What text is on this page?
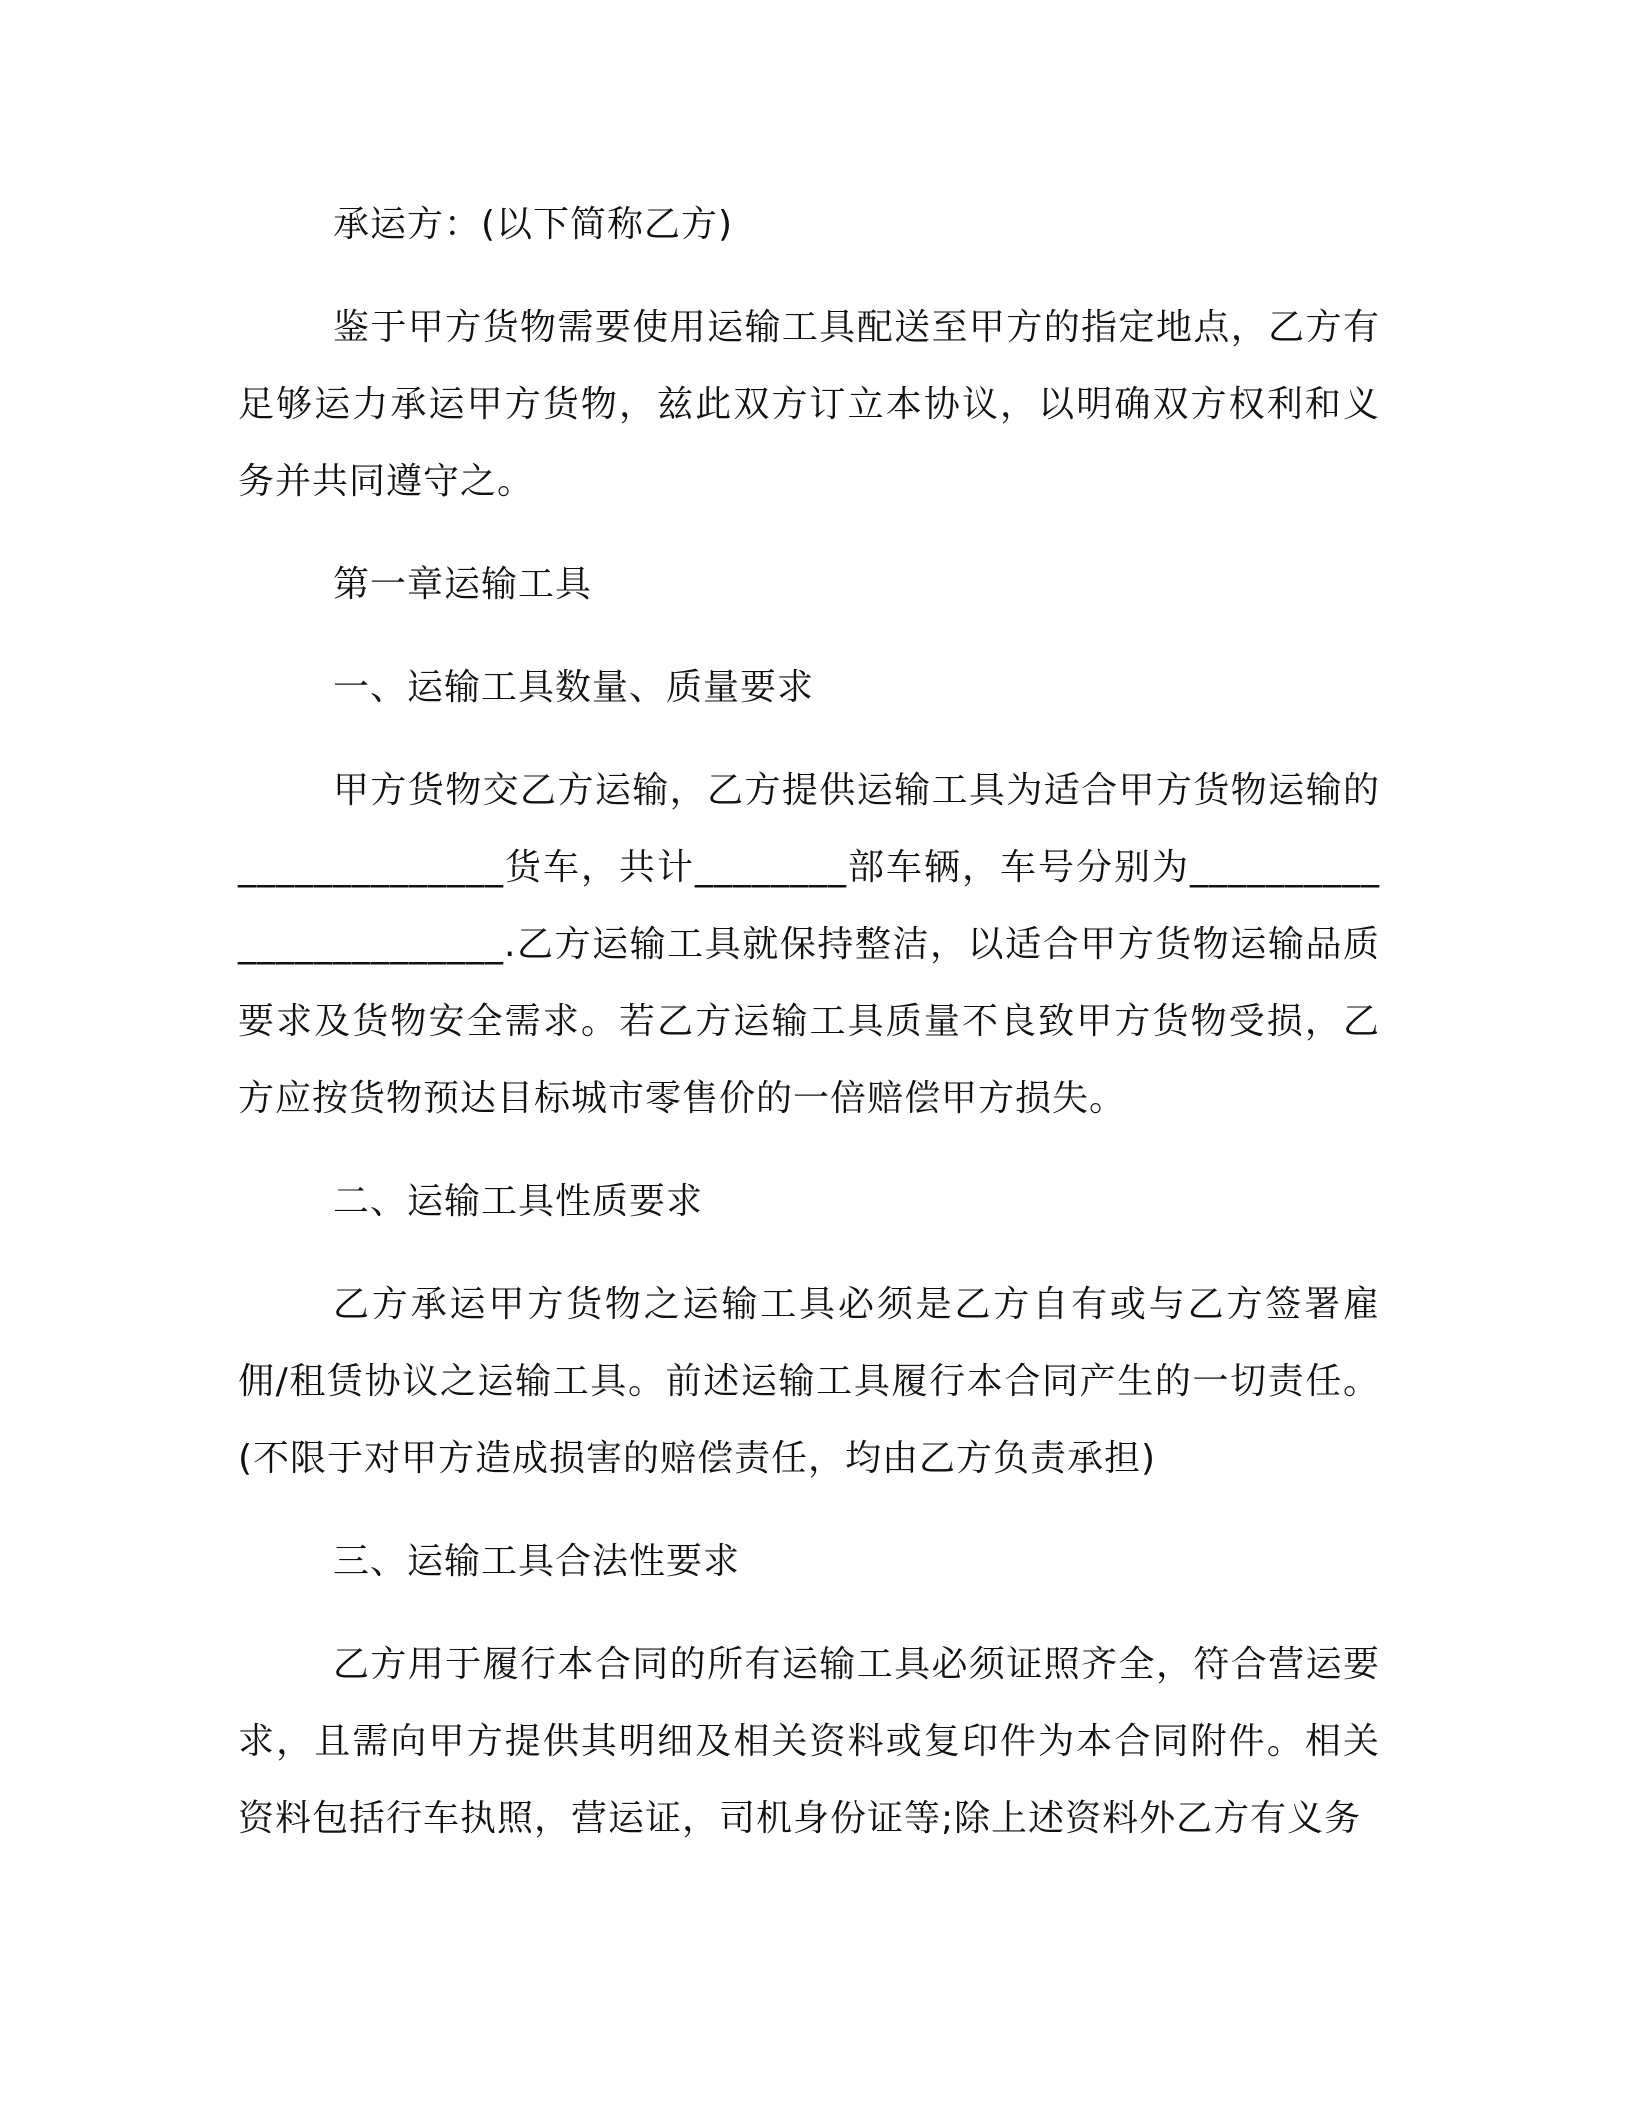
承运方：(以下简称乙方)

鉴于甲方货物需要使用运输工具配送至甲方的指定地点，乙方有足够运力承运甲方货物，兹此双方订立本协议，以明确双方权利和义务并共同遵守之。

第一章运输工具

一、运输工具数量、质量要求

甲方货物交乙方运输，乙方提供运输工具为适合甲方货物运输的______________货车，共计________部车辆，车号分别为________________________.乙方运输工具就保持整洁，以适合甲方货物运输品质要求及货物安全需求。若乙方运输工具质量不良致甲方货物受损，乙方应按货物预达目标城市零售价的一倍赔偿甲方损失。

二、运输工具性质要求

乙方承运甲方货物之运输工具必须是乙方自有或与乙方签署雇佣/租赁协议之运输工具。前述运输工具履行本合同产生的一切责任。(不限于对甲方造成损害的赔偿责任，均由乙方负责承担)

三、运输工具合法性要求

乙方用于履行本合同的所有运输工具必须证照齐全，符合营运要求，且需向甲方提供其明细及相关资料或复印件为本合同附件。相关资料包括行车执照，营运证，司机身份证等;除上述资料外乙方有义务
